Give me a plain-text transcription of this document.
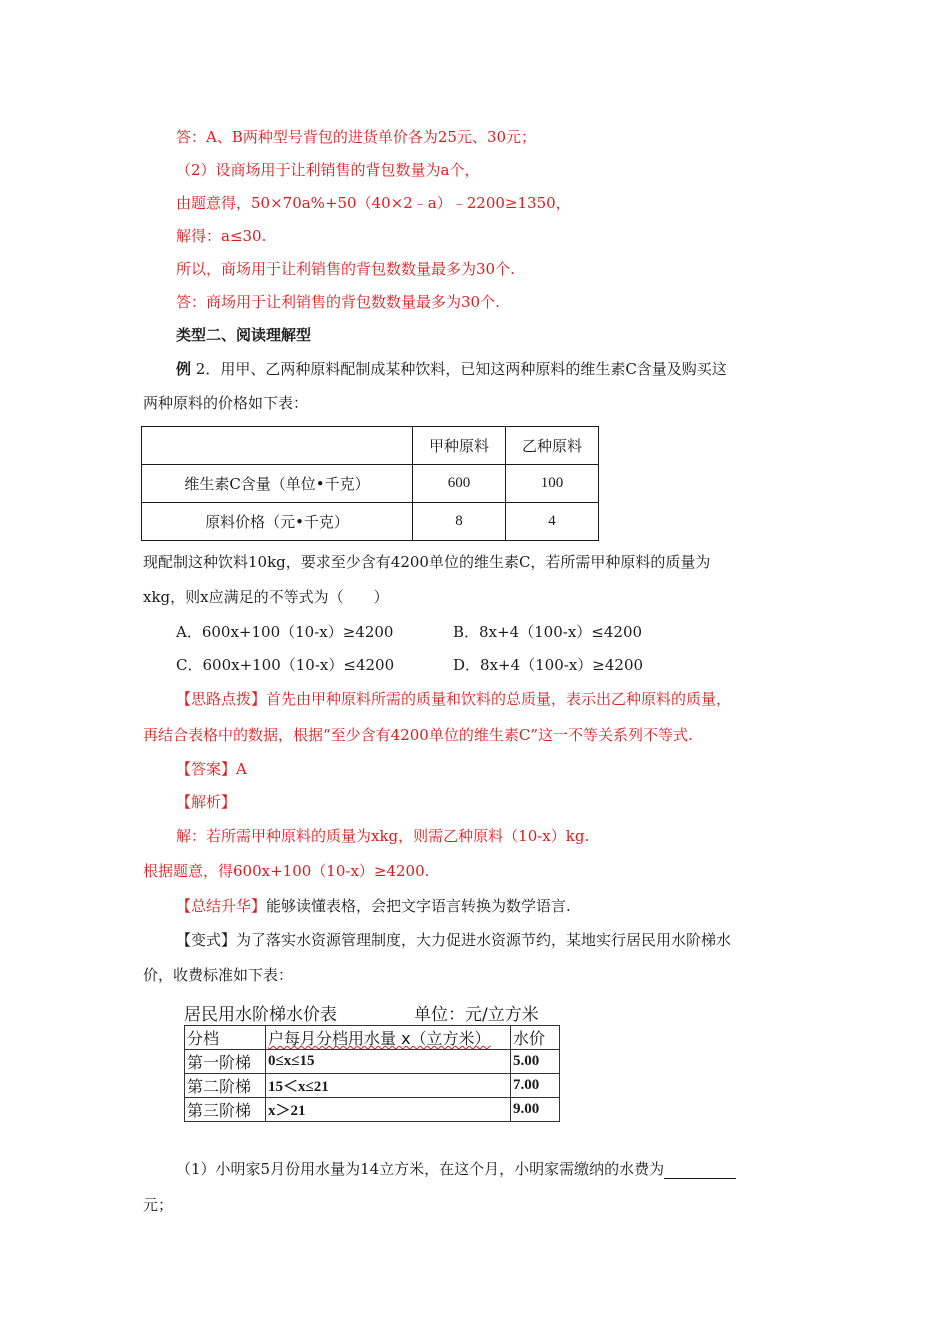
答：A、B两种型号背包的进货单价各为25元、30元；
（2）设商场用于让利销售的背包数量为a个，
由题意得，50×70a%+50（40×2﹣a）﹣2200≥1350，
解得：a≤30.
所以，商场用于让利销售的背包数数量最多为30个.
答：商场用于让利销售的背包数数量最多为30个.
类型二、阅读理解型
例 2．用甲、乙两种原料配制成某种饮料，已知这两种原料的维生素C含量及购买这
两种原料的价格如下表：
	甲种原料	乙种原料
维生素C含量（单位•千克）	600	100
原料价格（元•千克）	8	4
现配制这种饮料10kg，要求至少含有4200单位的维生素C，若所需甲种原料的质量为
xkg，则x应满足的不等式为（　　）
A．600x+100（10-x）≥4200	B．8x+4（100-x）≤4200
C．600x+100（10-x）≤4200	D．8x+4（100-x）≥4200
【思路点拨】首先由甲种原料所需的质量和饮料的总质量，表示出乙种原料的质量，
再结合表格中的数据，根据“至少含有4200单位的维生素C”这一不等关系列不等式.
【答案】A
【解析】
解：若所需甲种原料的质量为xkg，则需乙种原料（10-x）kg.
根据题意，得600x+100（10-x）≥4200.
【总结升华】能够读懂表格，会把文字语言转换为数学语言.
【变式】为了落实水资源管理制度，大力促进水资源节约，某地实行居民用水阶梯水
价，收费标准如下表：
居民用水阶梯水价表	单位：元/立方米
分档	户每月分档用水量 x（立方米）	水价
第一阶梯	0≤x≤15	5.00
第二阶梯	15＜x≤21	7.00
第三阶梯	x＞21	9.00
（1）小明家5月份用水量为14立方米，在这个月，小明家需缴纳的水费为
元；
